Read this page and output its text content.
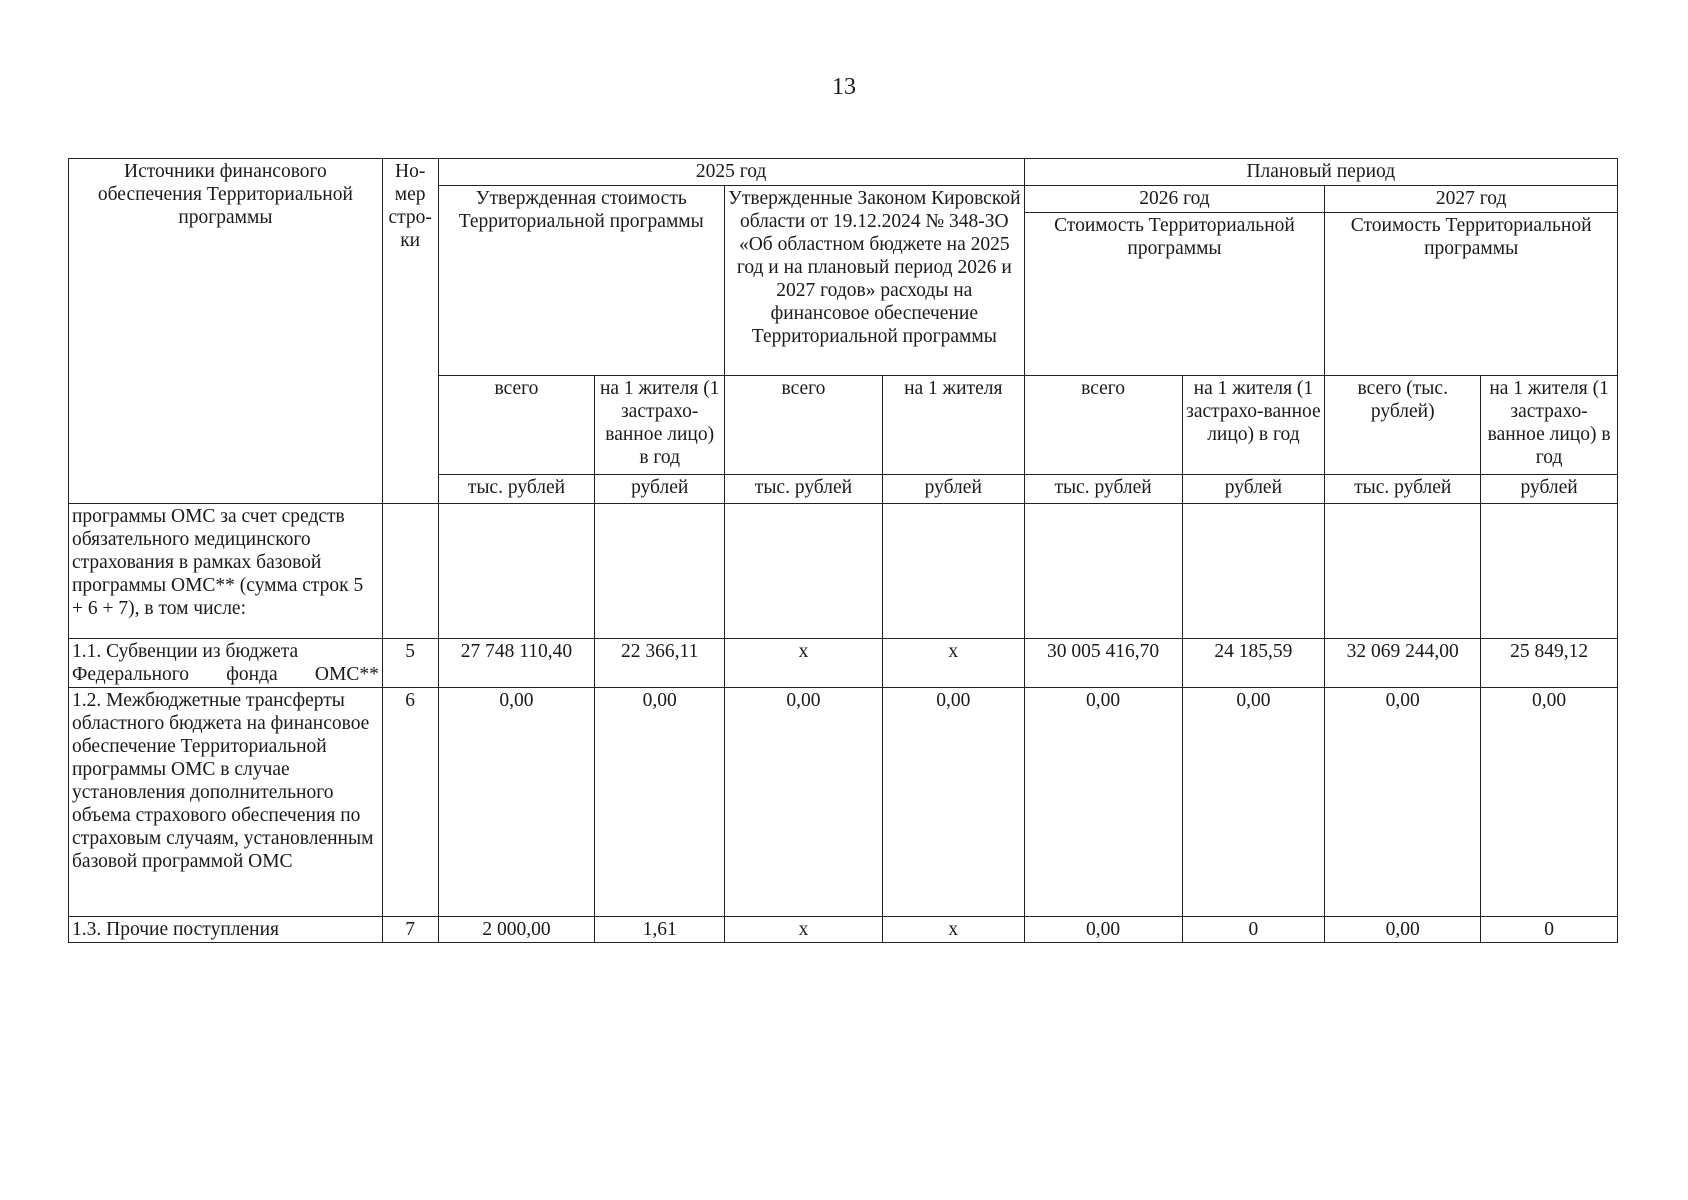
13
Источники финансового обеспечения Территориальной программы	Но-мер стро-ки	2025 год				Плановый период			
		Утвержденная стоимость Территориальной программы		Утвержденные Законом Кировской области от 19.12.2024 № 348-ЗО «Об областном бюджете на 2025 год и на плановый период 2026 и 2027 годов» расходы на финансовое обеспечение Территориальной программы		2026 год		2027 год	
						Стоимость Территориальной программы		Стоимость Территориальной программы	
		всего	на 1 жителя (1 застрахо-ванное лицо) в год	всего	на 1 жителя	всего	на 1 жителя (1 застрахо-ванное лицо) в год	всего (тыс. рублей)	на 1 жителя (1 застрахо-ванное лицо) в год
		тыс. рублей	рублей	тыс. рублей	рублей	тыс. рублей	рублей	тыс. рублей	рублей
программы ОМС за счет средств обязательного медицинского страхования в рамках базовой программы ОМС** (сумма строк 5 + 6 + 7), в том числе:									
1.1. Субвенции из бюджета Федерального фонда ОМС**	5	27 748 110,40	22 366,11	х	х	30 005 416,70	24 185,59	32 069 244,00	25 849,12
1.2. Межбюджетные трансферты областного бюджета на финансовое обеспечение Территориальной программы ОМС в случае установления дополнительного объема страхового обеспечения по страховым случаям, установленным базовой программой ОМС	6	0,00	0,00	0,00	0,00	0,00	0,00	0,00	0,00
1.3. Прочие поступления	7	2 000,00	1,61	х	х	0,00	0	0,00	0
